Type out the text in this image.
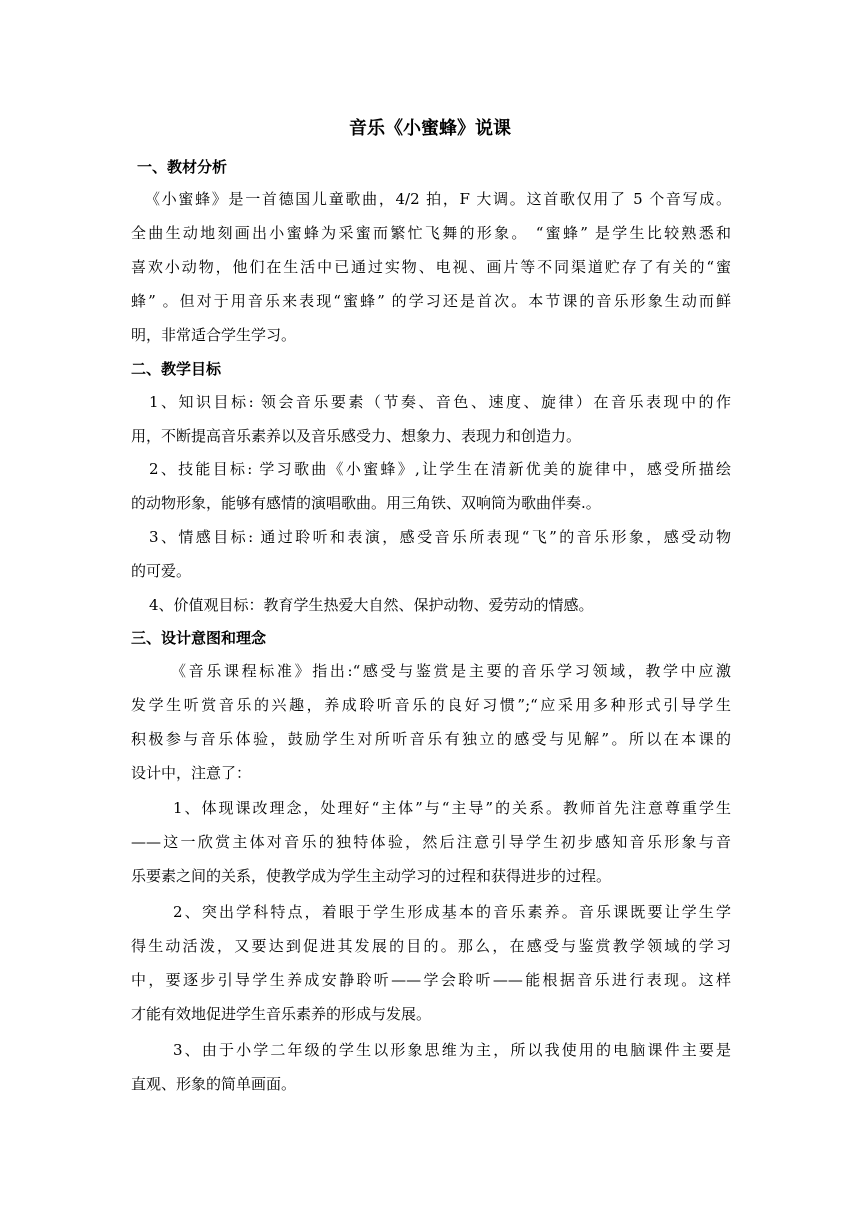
音乐《小蜜蜂》说课
一、教材分析
《小蜜蜂》是一首德国儿童歌曲，4/2 拍，F 大调。这首歌仅用了 5 个音写成。
全曲生动地刻画出小蜜蜂为采蜜而繁忙飞舞的形象。 “蜜蜂” 是学生比较熟悉和
喜欢小动物，他们在生活中已通过实物、电视、画片等不同渠道贮存了有关的“蜜
蜂” 。但对于用音乐来表现“蜜蜂” 的学习还是首次。本节课的音乐形象生动而鲜
明，非常适合学生学习。
二、教学目标
1、知识目标: 领会音乐要素（节奏、音色、速度、旋律）在音乐表现中的作
用，不断提高音乐素养以及音乐感受力、想象力、表现力和创造力。
2、技能目标: 学习歌曲《小蜜蜂》,让学生在清新优美的旋律中，感受所描绘
的动物形象，能够有感情的演唱歌曲。用三角铁、双响筒为歌曲伴奏.。
3、情感目标: 通过聆听和表演，感受音乐所表现“飞”的音乐形象，感受动物
的可爱。
4、价值观目标：教育学生热爱大自然、保护动物、爱劳动的情感。
三、设计意图和理念
《音乐课程标准》指出:“感受与鉴赏是主要的音乐学习领域，教学中应激
发学生听赏音乐的兴趣，养成聆听音乐的良好习惯”;“应采用多种形式引导学生
积极参与音乐体验，鼓励学生对所听音乐有独立的感受与见解”。所以在本课的
设计中，注意了：
1、体现课改理念，处理好“主体”与“主导”的关系。教师首先注意尊重学生
——这一欣赏主体对音乐的独特体验，然后注意引导学生初步感知音乐形象与音
乐要素之间的关系，使教学成为学生主动学习的过程和获得进步的过程。
2、突出学科特点，着眼于学生形成基本的音乐素养。音乐课既要让学生学
得生动活泼，又要达到促进其发展的目的。那么，在感受与鉴赏教学领域的学习
中，要逐步引导学生养成安静聆听——学会聆听——能根据音乐进行表现。这样
才能有效地促进学生音乐素养的形成与发展。
3、由于小学二年级的学生以形象思维为主，所以我使用的电脑课件主要是
直观、形象的简单画面。
